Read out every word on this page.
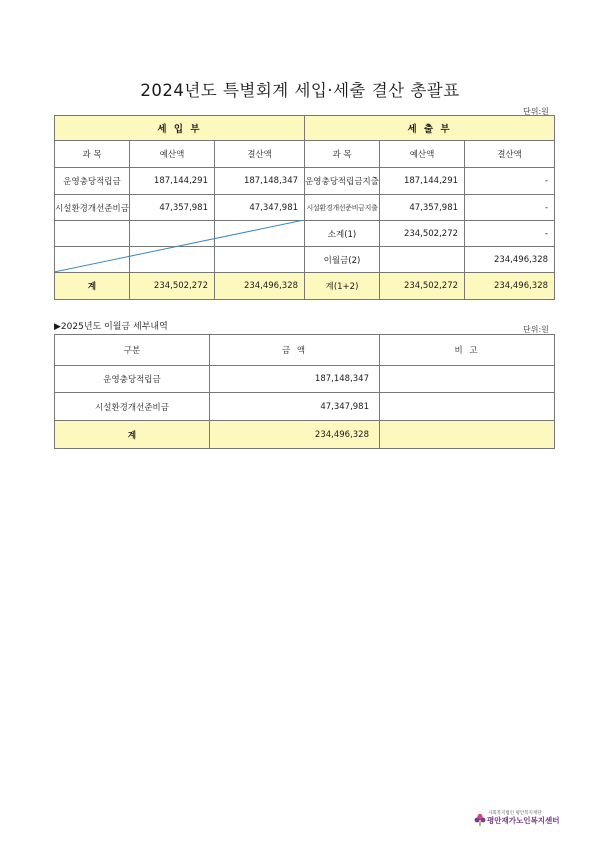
2024년도 특별회계 세입·세출 결산 총괄표
단위:원
세 입 부			세 출 부		
과 목	예산액	결산액	과 목	예산액	결산액
운영충당적립금	187,144,291	187,148,347	운영충당적립금지출	187,144,291	-
시설환경개선준비금	47,357,981	47,347,981	시설환경개선준비금지출	47,357,981	-
			소계(1)	234,502,272	-
			이월금(2)		234,496,328
계	234,502,272	234,496,328	계(1+2)	234,502,272	234,496,328
▶2025년도 이월금 세부내역	단위:원
구분	금 액	비 고
운영충당적립금	187,148,347	
시설환경개선준비금	47,347,981	
계	234,496,328	
사회복지법인 평안복지재단
평안재가노인복지센터
